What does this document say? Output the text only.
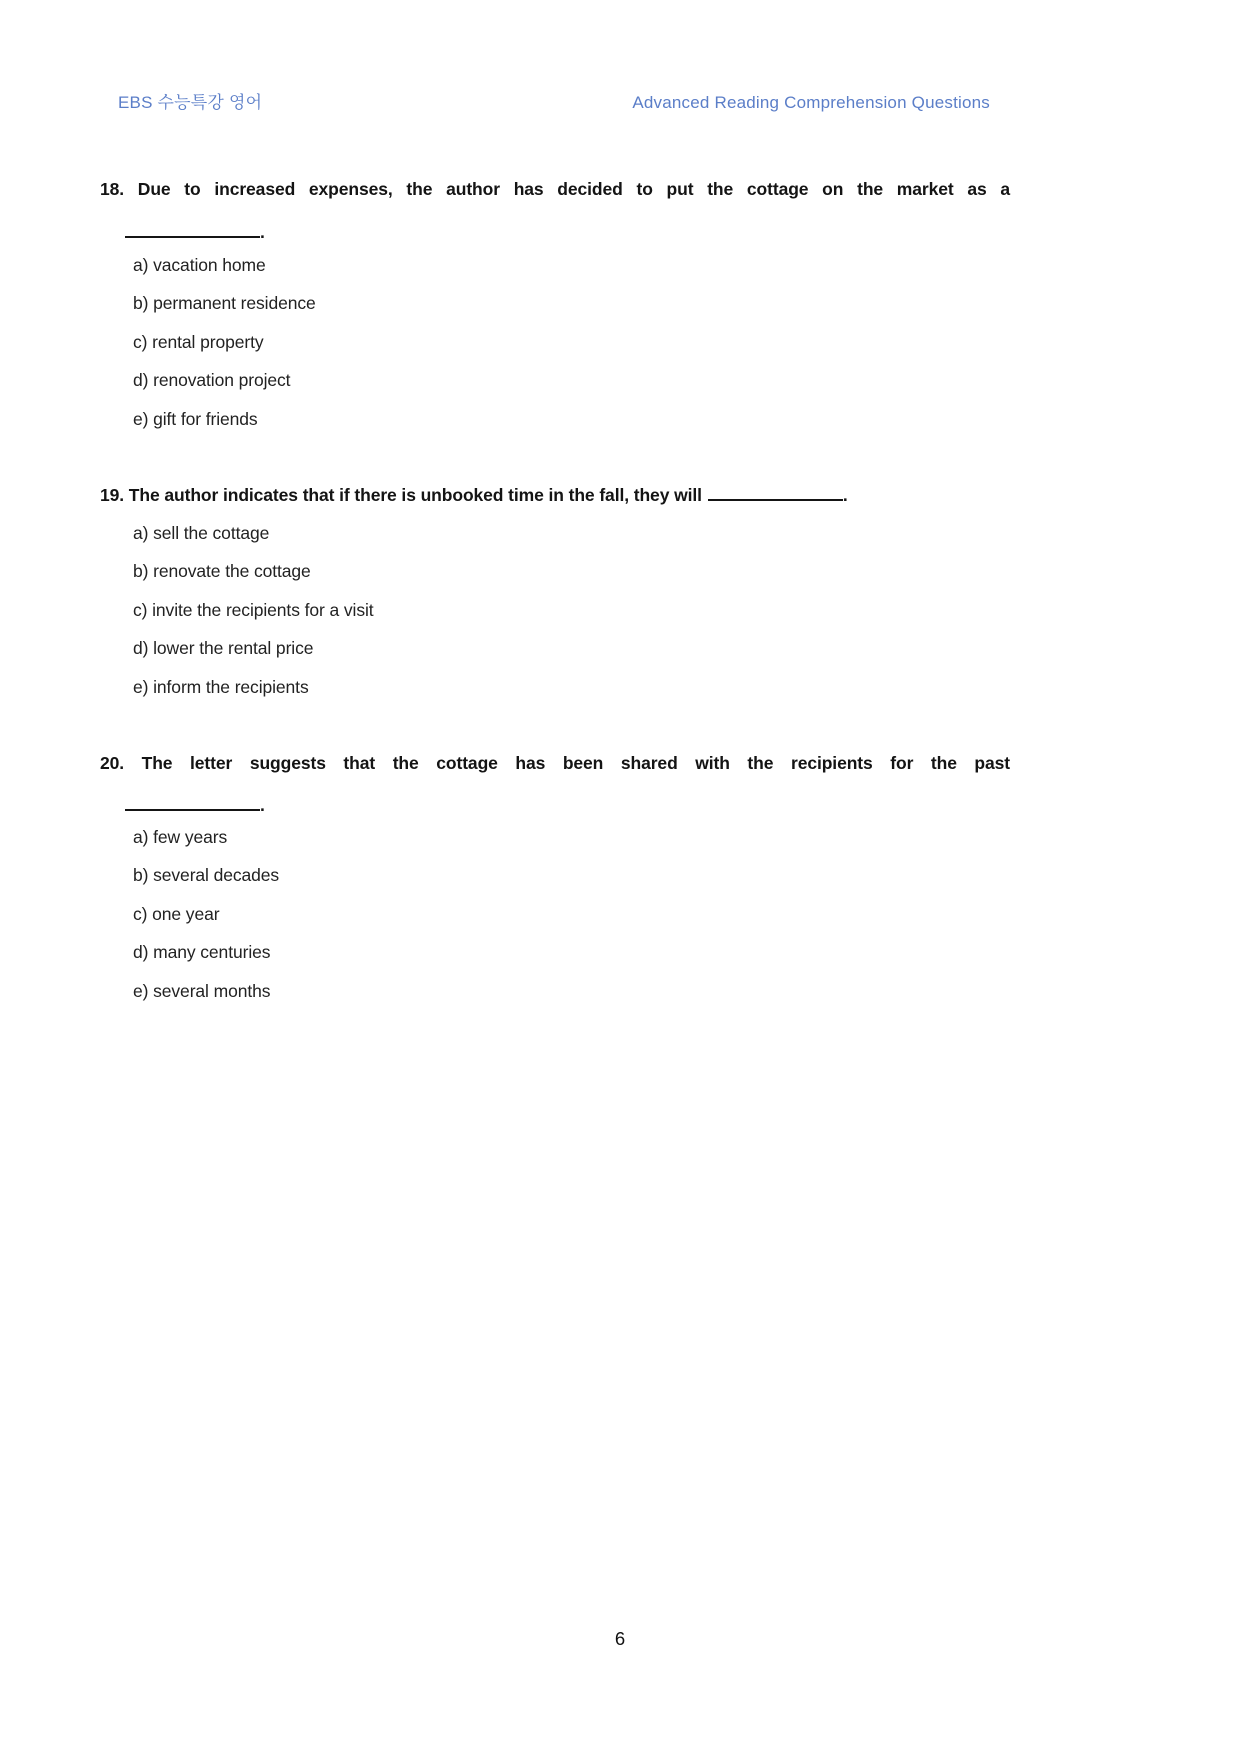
EBS 수능특강 영어	Advanced Reading Comprehension Questions
18. Due to increased expenses, the author has decided to put the cottage on the market as a
.
a) vacation home
b) permanent residence
c) rental property
d) renovation project
e) gift for friends
19. The author indicates that if there is unbooked time in the fall, they will	.
a) sell the cottage
b) renovate the cottage
c) invite the recipients for a visit
d) lower the rental price
e) inform the recipients
20. The letter suggests that the cottage has been shared with the recipients for the past
.
a) few years
b) several decades
c) one year
d) many centuries
e) several months
6
